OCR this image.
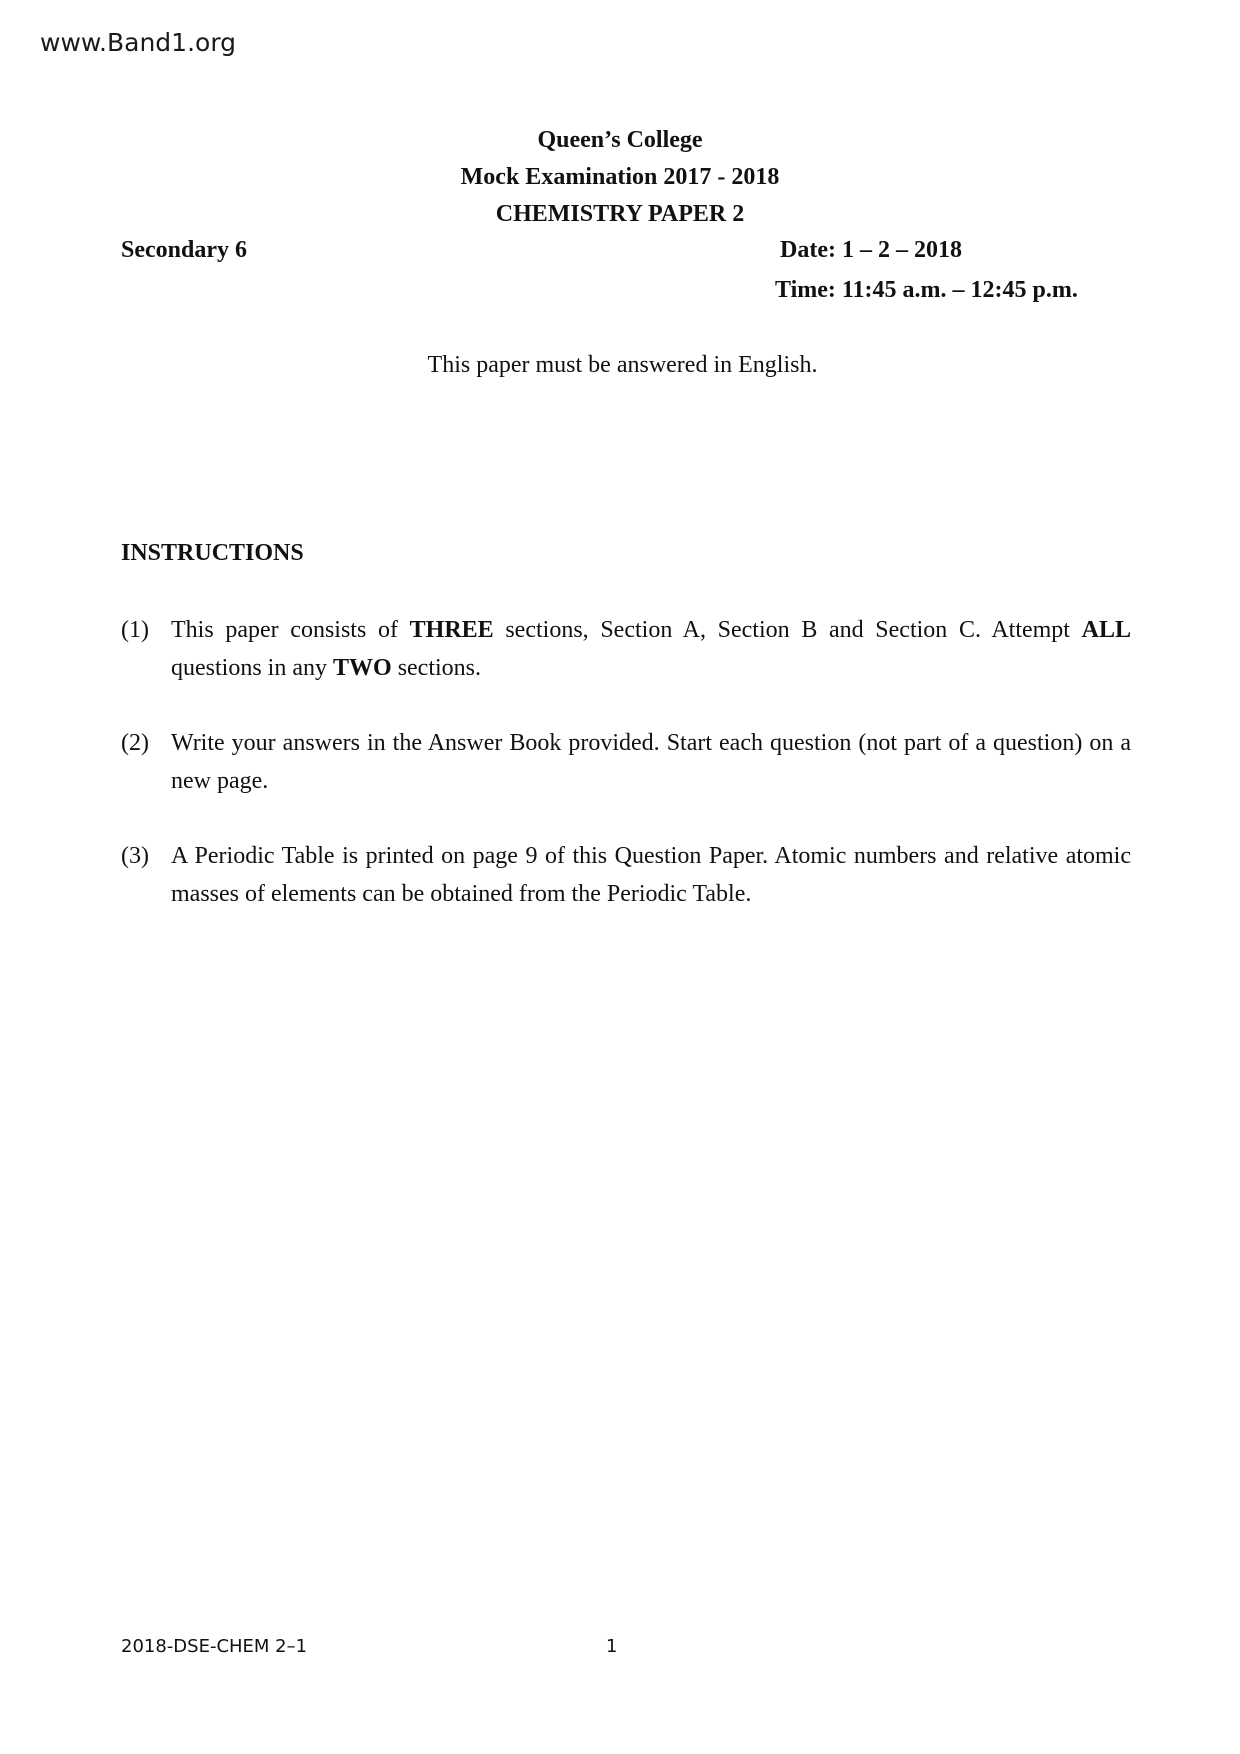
www.Band1.org
Queen’s College
Mock Examination 2017 - 2018
CHEMISTRY PAPER 2
Secondary 6	Date: 1 – 2 – 2018
Time: 11:45 a.m. – 12:45 p.m.
This paper must be answered in English.
INSTRUCTIONS
(1) This paper consists of THREE sections, Section A, Section B and Section C. Attempt ALL questions in any TWO sections.
(2) Write your answers in the Answer Book provided. Start each question (not part of a question) on a new page.
(3) A Periodic Table is printed on page 9 of this Question Paper. Atomic numbers and relative atomic masses of elements can be obtained from the Periodic Table.
2018-DSE-CHEM 2–1	1
